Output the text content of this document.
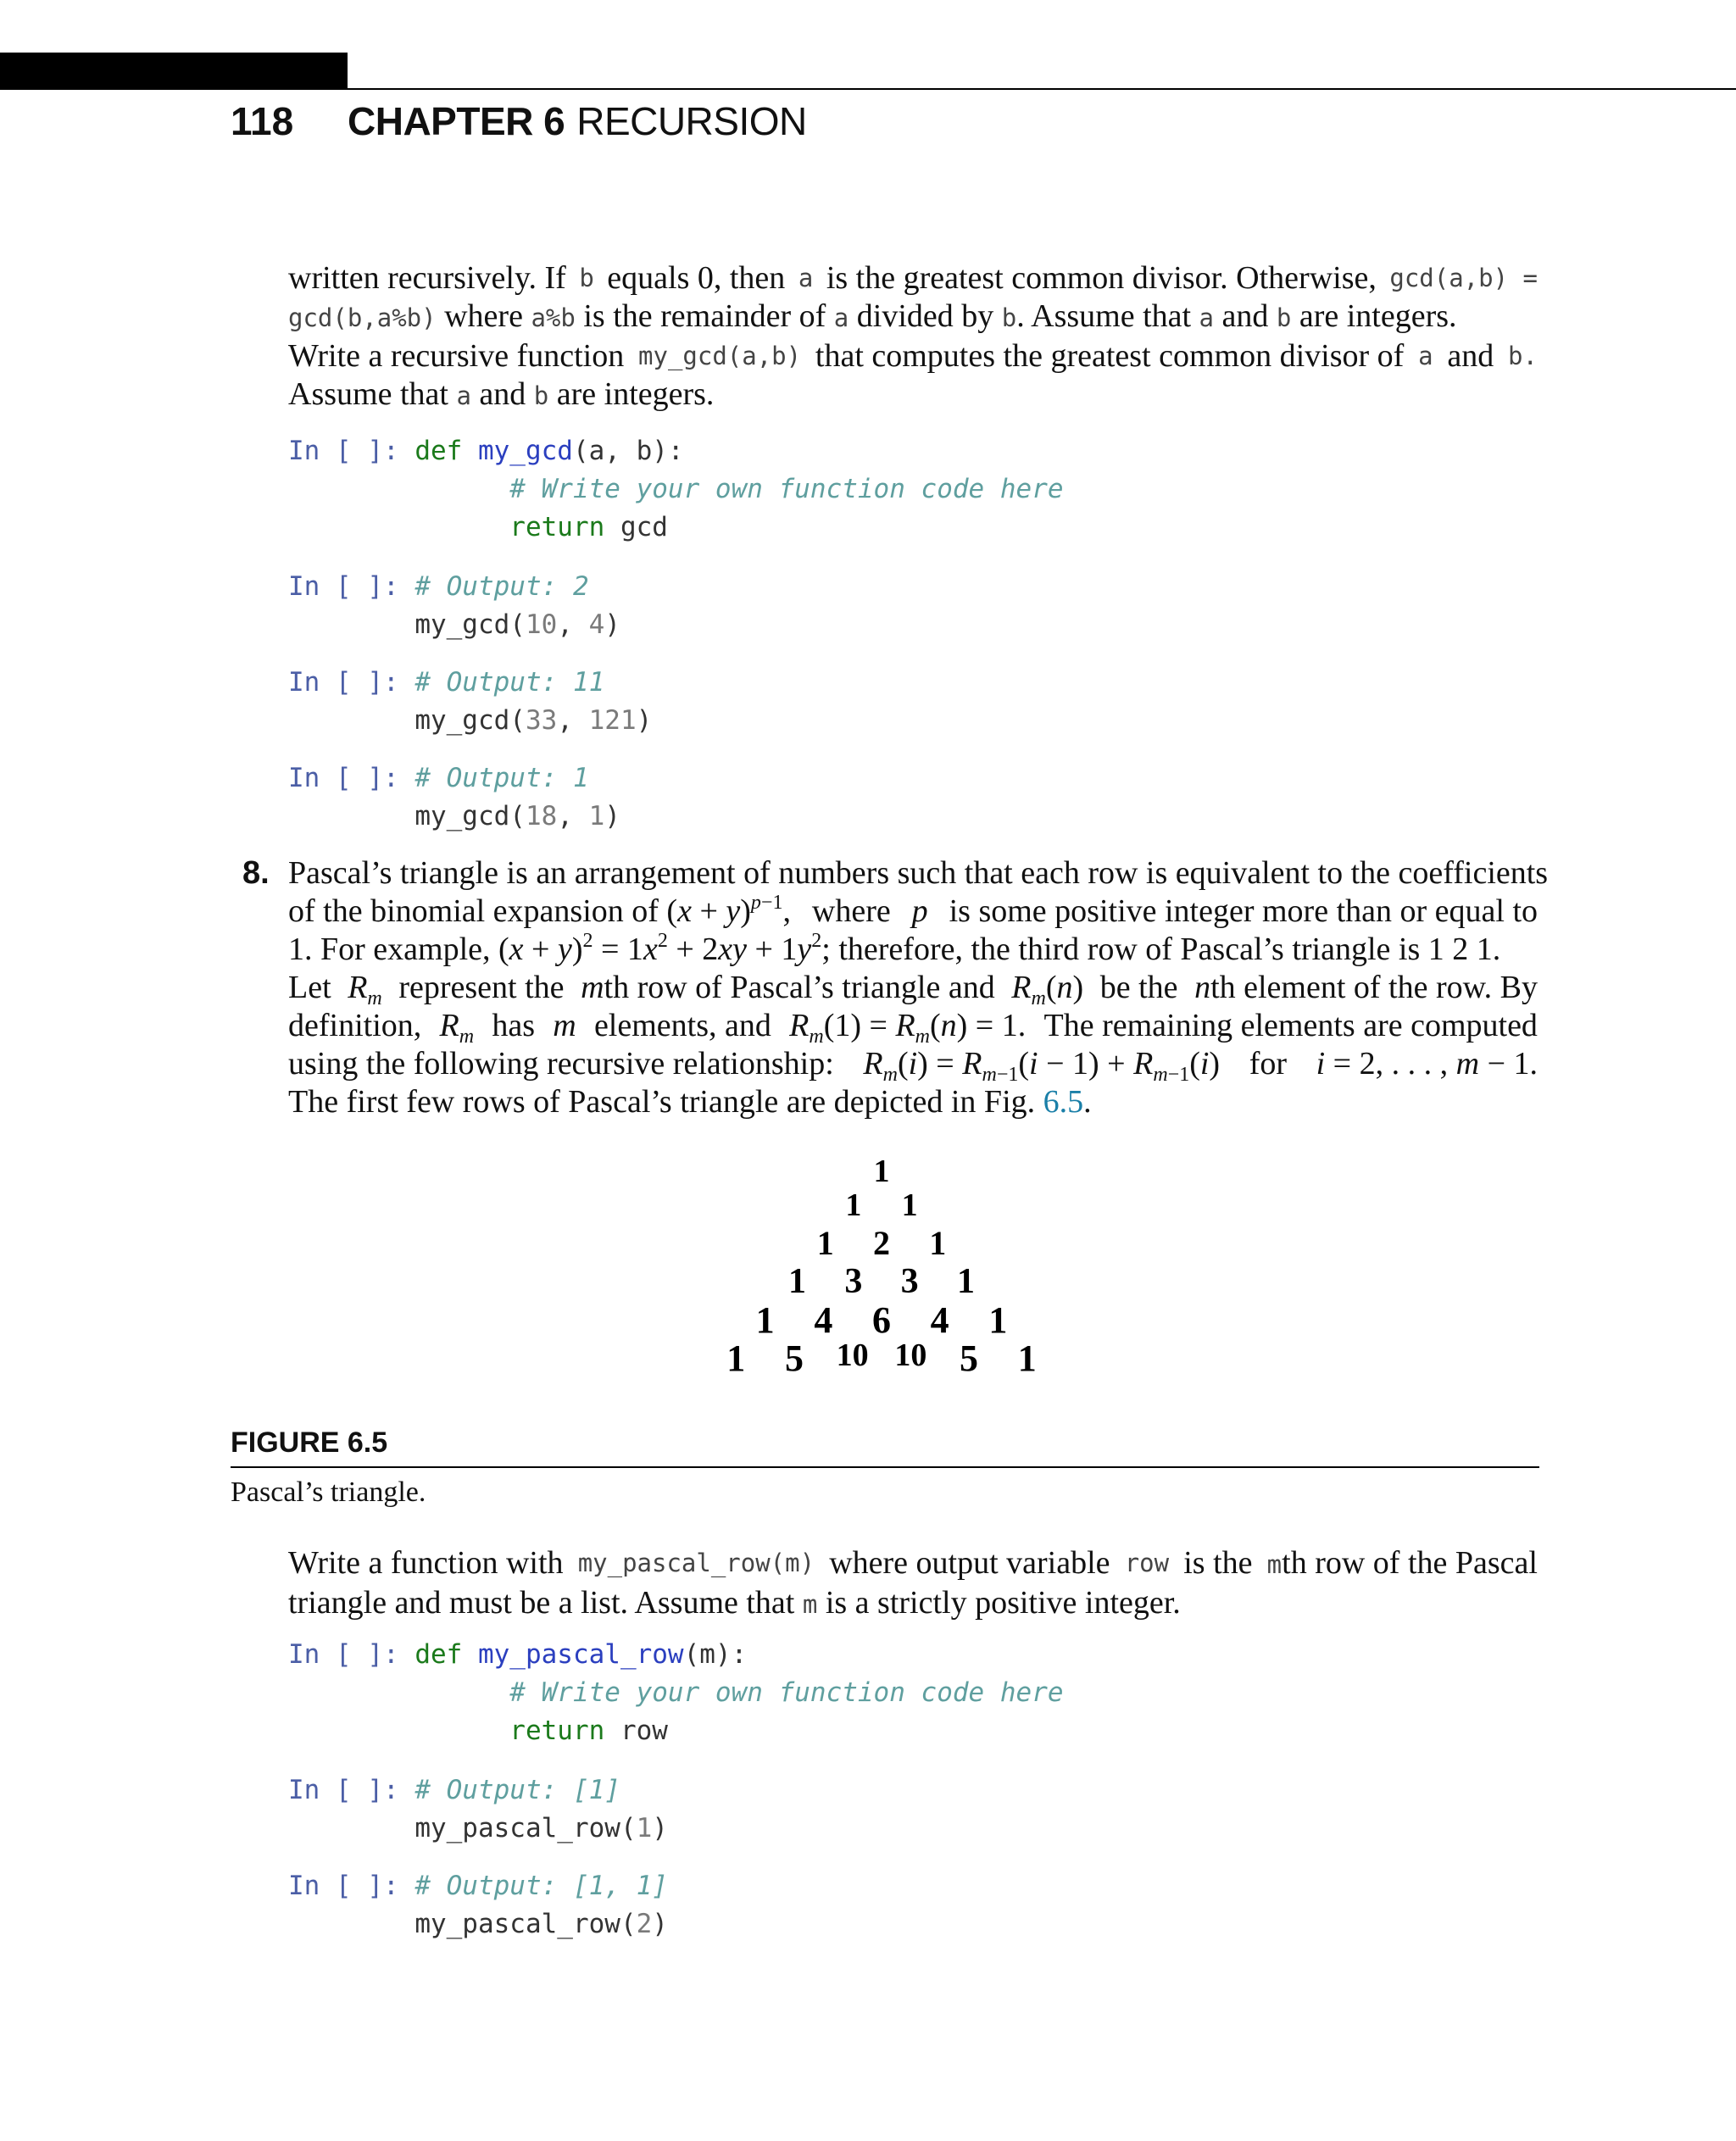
118 CHAPTER 6 RECURSION
written recursively. If b equals 0, then a is the greatest common divisor. Otherwise, gcd(a,b) =
gcd(b,a%b) where a%b is the remainder of a divided by b. Assume that a and b are integers.
Write a recursive function my_gcd(a,b) that computes the greatest common divisor of a and b.
Assume that a and b are integers.
In [ ]: def my_gcd(a, b):
# Write your own function code here
return gcd
In [ ]: # Output: 2
my_gcd(10, 4)
In [ ]: # Output: 11
my_gcd(33, 121)
In [ ]: # Output: 1
my_gcd(18, 1)
8. Pascal’s triangle is an arrangement of numbers such that each row is equivalent to the coefficients
of the binomial expansion of $(x + y)^{p-1}$, where p is some positive integer more than or equal to
1. For example, $(x + y)^2 = 1x^2 + 2xy + 1y^2$; therefore, the third row of Pascal’s triangle is 1 2 1.
Let $R_m$ represent the mth row of Pascal’s triangle and $R_m(n)$ be the nth element of the row. By
definition, $R_m$ has m elements, and $R_m(1) = R_m(n) = 1$. The remaining elements are computed
using the following recursive relationship: $R_m(i) = R_{m-1}(i - 1) + R_{m-1}(i)$ for i = 2, . . . , m − 1.
The first few rows of Pascal’s triangle are depicted in Fig. 6.5.
1
1 1
1 2 1
1 3 3 1
1 4 6 4 1
1 5 10 10 5 1
FIGURE 6.5
Pascal’s triangle.
Write a function with my_pascal_row(m) where output variable row is the mth row of the Pascal
triangle and must be a list. Assume that m is a strictly positive integer.
In [ ]: def my_pascal_row(m):
# Write your own function code here
return row
In [ ]: # Output: [1]
my_pascal_row(1)
In [ ]: # Output: [1, 1]
my_pascal_row(2)
